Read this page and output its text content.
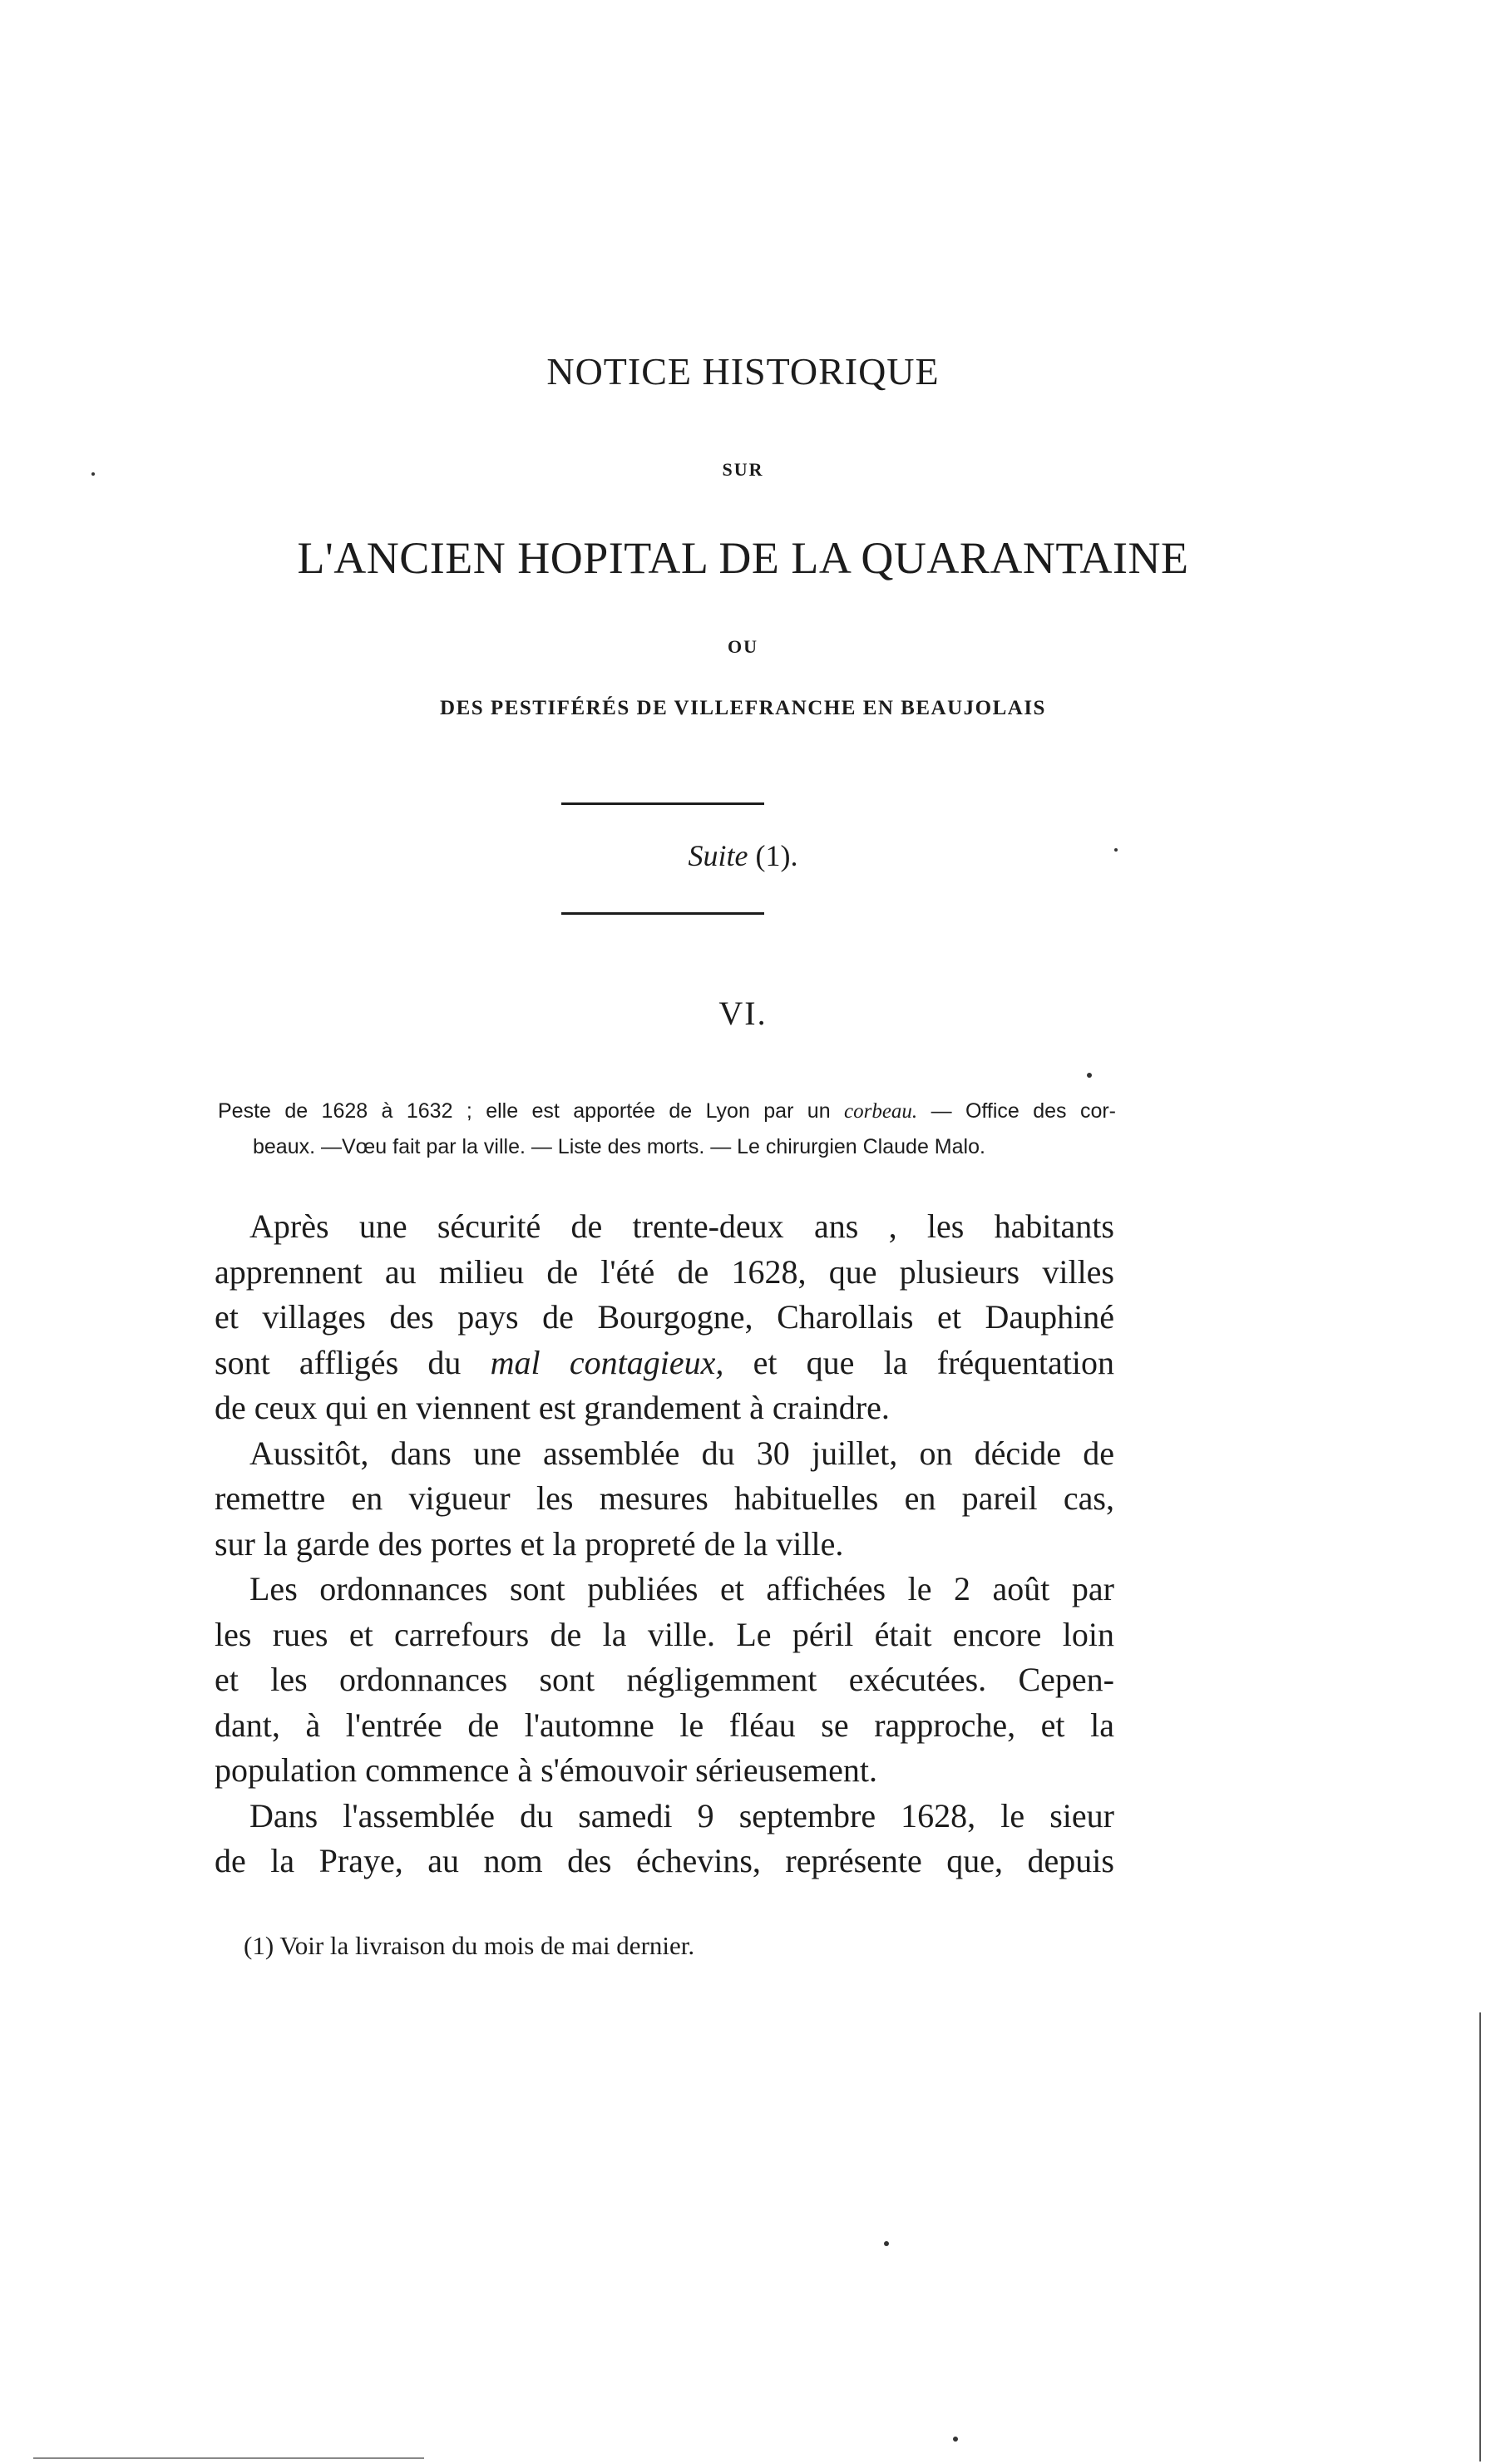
NOTICE HISTORIQUE
SUR
L'ANCIEN HOPITAL DE LA QUARANTAINE
OU
DES PESTIFÉRÉS DE VILLEFRANCHE EN BEAUJOLAIS
Suite (1).
VI.
Peste de 1628 à 1632 ; elle est apportée de Lyon par un corbeau. — Office des cor-
beaux. —Vœu fait par la ville. — Liste des morts. — Le chirurgien Claude Malo.
Après une sécurité de trente-deux ans , les habitants
apprennent au milieu de l'été de 1628, que plusieurs villes
et villages des pays de Bourgogne, Charollais et Dauphiné
sont affligés du mal contagieux, et que la fréquentation
de ceux qui en viennent est grandement à craindre.
Aussitôt, dans une assemblée du 30 juillet, on décide de
remettre en vigueur les mesures habituelles en pareil cas,
sur la garde des portes et la propreté de la ville.
Les ordonnances sont publiées et affichées le 2 août par
les rues et carrefours de la ville. Le péril était encore loin
et les ordonnances sont négligemment exécutées. Cepen-
dant, à l'entrée de l'automne le fléau se rapproche, et la
population commence à s'émouvoir sérieusement.
Dans l'assemblée du samedi 9 septembre 1628, le sieur
de la Praye, au nom des échevins, représente que, depuis
(1) Voir la livraison du mois de mai dernier.
